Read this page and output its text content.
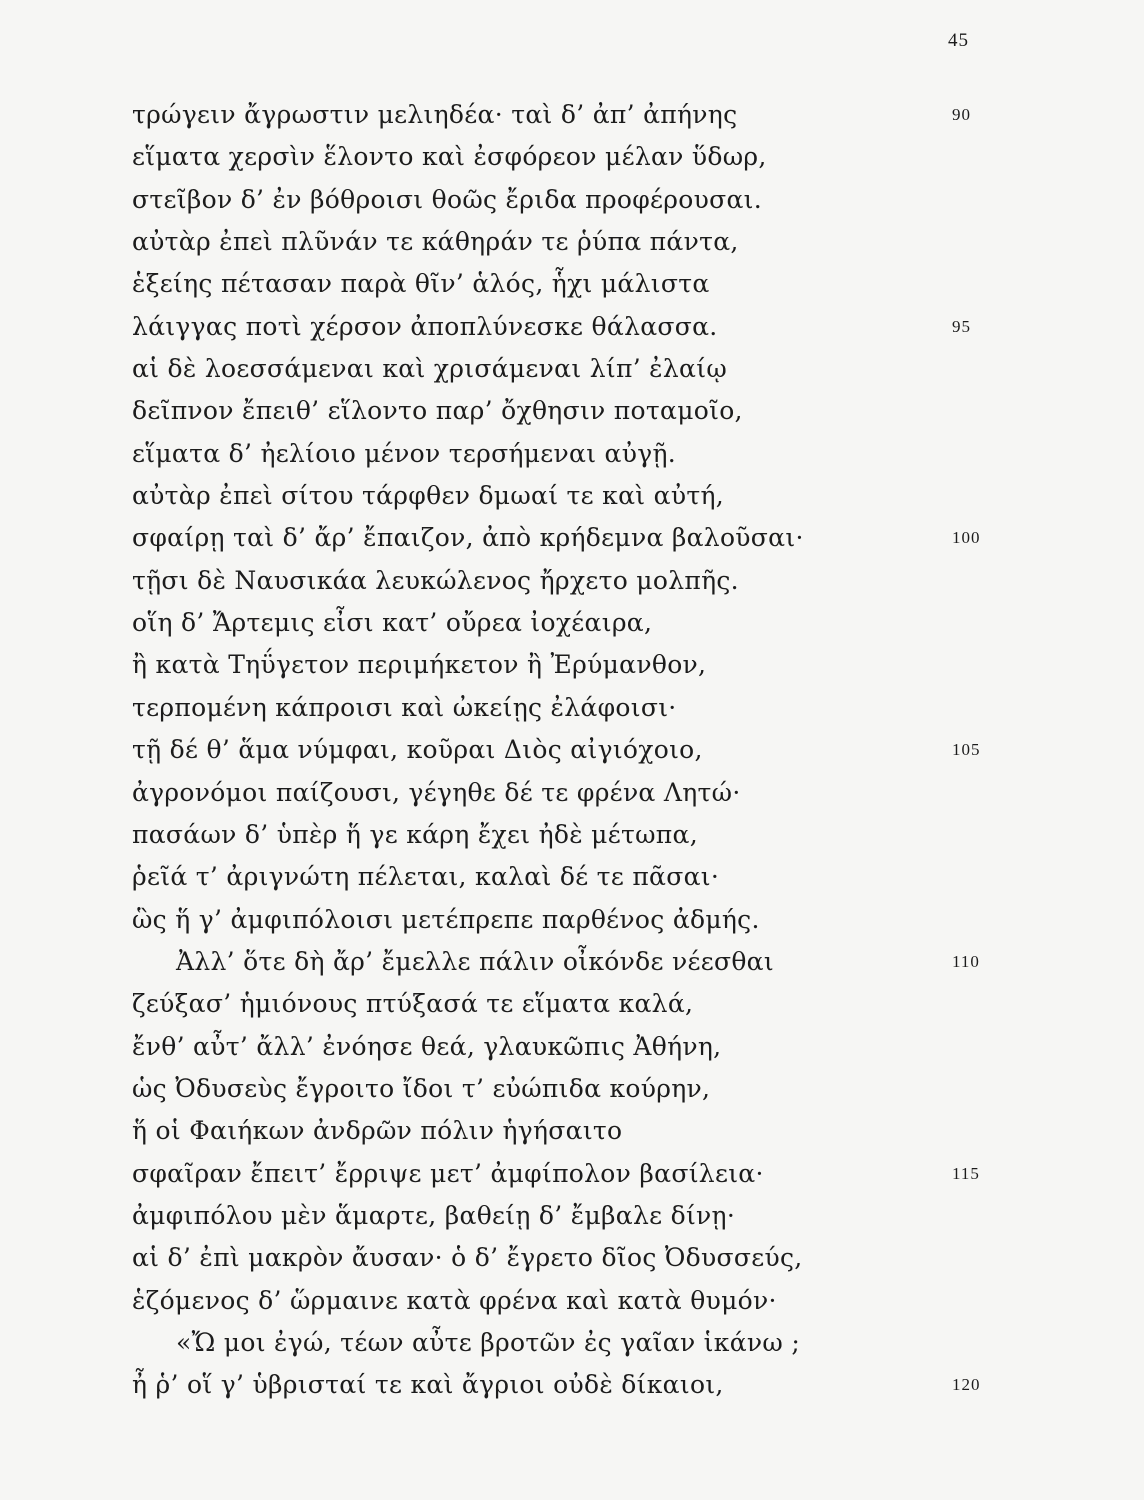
45
τρώγειν ἄγρωστιν μελιηδέα· ταὶ δ’ ἀπ’ ἀπήνης	90
εἵματα χερσὶν ἕλοντο καὶ ἐσφόρεον μέλαν ὕδωρ,
στεῖβον δ’ ἐν βόθροισι θοῶς ἔριδα προφέρουσαι.
αὐτὰρ ἐπεὶ πλῦνάν τε κάθηράν τε ῥύπα πάντα,
ἑξείης πέτασαν παρὰ θῖν’ ἁλός, ἧχι μάλιστα
λάιγγας ποτὶ χέρσον ἀποπλύνεσκε θάλασσα.	95
αἱ δὲ λοεσσάμεναι καὶ χρισάμεναι λίπ’ ἐλαίῳ
δεῖπνον ἔπειθ’ εἵλοντο παρ’ ὄχθησιν ποταμοῖο,
εἵματα δ’ ἠελίοιο μένον τερσήμεναι αὐγῇ.
αὐτὰρ ἐπεὶ σίτου τάρφθεν δμωαί τε καὶ αὐτή,
σφαίρῃ ταὶ δ’ ἄρ’ ἔπαιζον, ἀπὸ κρήδεμνα βαλοῦσαι·	100
τῇσι δὲ Ναυσικάα λευκώλενος ἤρχετο μολπῆς.
οἵη δ’ Ἄρτεμις εἶσι κατ’ οὔρεα ἰοχέαιρα,
ἢ κατὰ Τηΰγετον περιμήκετον ἢ Ἐρύμανθον,
τερπομένη κάπροισι καὶ ὠκείῃς ἐλάφοισι·
τῇ δέ θ’ ἅμα νύμφαι, κοῦραι Διὸς αἰγιόχοιο,	105
ἀγρονόμοι παίζουσι, γέγηθε δέ τε φρένα Λητώ·
πασάων δ’ ὑπὲρ ἥ γε κάρη ἔχει ἠδὲ μέτωπα,
ῥεῖά τ’ ἀριγνώτη πέλεται, καλαὶ δέ τε πᾶσαι·
ὣς ἥ γ’ ἀμφιπόλοισι μετέπρεπε παρθένος ἀδμής.
Ἀλλ’ ὅτε δὴ ἄρ’ ἔμελλε πάλιν οἶκόνδε νέεσθαι	110
ζεύξασ’ ἡμιόνους πτύξασά τε εἵματα καλά,
ἔνθ’ αὖτ’ ἄλλ’ ἐνόησε θεά, γλαυκῶπις Ἀθήνη,
ὡς Ὀδυσεὺς ἔγροιτο ἴδοι τ’ εὐώπιδα κούρην,
ἥ οἱ Φαιήκων ἀνδρῶν πόλιν ἡγήσαιτο
σφαῖραν ἔπειτ’ ἔρριψε μετ’ ἀμφίπολον βασίλεια·	115
ἀμφιπόλου μὲν ἅμαρτε, βαθείῃ δ’ ἔμβαλε δίνῃ·
αἱ δ’ ἐπὶ μακρὸν ἄυσαν· ὁ δ’ ἔγρετο δῖος Ὀδυσσεύς,
ἑζόμενος δ’ ὥρμαινε κατὰ φρένα καὶ κατὰ θυμόν·
«Ὤ μοι ἐγώ, τέων αὖτε βροτῶν ἐς γαῖαν ἱκάνω ;
ἦ ῥ’ οἵ γ’ ὑβρισταί τε καὶ ἄγριοι οὐδὲ δίκαιοι,	120
